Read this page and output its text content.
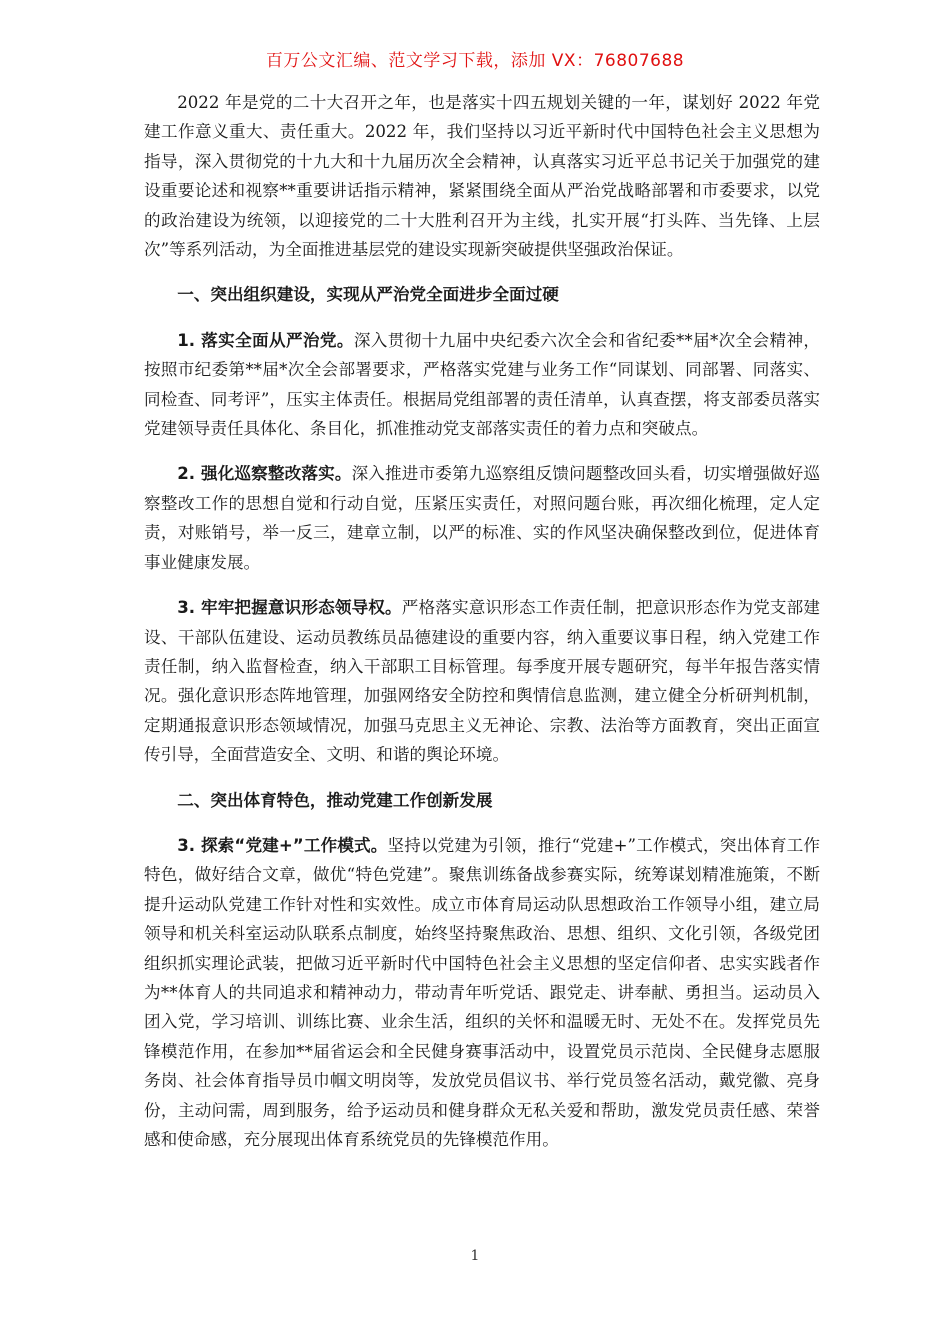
百万公文汇编、范文学习下载，添加 VX：76807688

2022 年是党的二十大召开之年，也是落实十四五规划关键的一年，谋划好 2022 年党建工作意义重大、责任重大。2022 年，我们坚持以习近平新时代中国特色社会主义思想为指导，深入贯彻党的十九大和十九届历次全会精神，认真落实习近平总书记关于加强党的建设重要论述和视察**重要讲话指示精神，紧紧围绕全面从严治党战略部署和市委要求，以党的政治建设为统领，以迎接党的二十大胜利召开为主线，扎实开展“打头阵、当先锋、上层次”等系列活动，为全面推进基层党的建设实现新突破提供坚强政治保证。

一、突出组织建设，实现从严治党全面进步全面过硬

1. 落实全面从严治党。深入贯彻十九届中央纪委六次全会和省纪委**届*次全会精神，按照市纪委第**届*次全会部署要求，严格落实党建与业务工作“同谋划、同部署、同落实、同检查、同考评”，压实主体责任。根据局党组部署的责任清单，认真查摆，将支部委员落实党建领导责任具体化、条目化，抓准推动党支部落实责任的着力点和突破点。

2. 强化巡察整改落实。深入推进市委第九巡察组反馈问题整改回头看，切实增强做好巡察整改工作的思想自觉和行动自觉，压紧压实责任，对照问题台账，再次细化梳理，定人定责，对账销号，举一反三，建章立制，以严的标准、实的作风坚决确保整改到位，促进体育事业健康发展。

3. 牢牢把握意识形态领导权。严格落实意识形态工作责任制，把意识形态作为党支部建设、干部队伍建设、运动员教练员品德建设的重要内容，纳入重要议事日程，纳入党建工作责任制，纳入监督检查，纳入干部职工目标管理。每季度开展专题研究，每半年报告落实情况。强化意识形态阵地管理，加强网络安全防控和舆情信息监测，建立健全分析研判机制，定期通报意识形态领域情况，加强马克思主义无神论、宗教、法治等方面教育，突出正面宣传引导，全面营造安全、文明、和谐的舆论环境。

二、突出体育特色，推动党建工作创新发展

3. 探索“党建+”工作模式。坚持以党建为引领，推行“党建+”工作模式，突出体育工作特色，做好结合文章，做优“特色党建”。聚焦训练备战参赛实际，统筹谋划精准施策，不断提升运动队党建工作针对性和实效性。成立市体育局运动队思想政治工作领导小组，建立局领导和机关科室运动队联系点制度，始终坚持聚焦政治、思想、组织、文化引领，各级党团组织抓实理论武装，把做习近平新时代中国特色社会主义思想的坚定信仰者、忠实实践者作为**体育人的共同追求和精神动力，带动青年听党话、跟党走、讲奉献、勇担当。运动员入团入党，学习培训、训练比赛、业余生活，组织的关怀和温暖无时、无处不在。发挥党员先锋模范作用，在参加**届省运会和全民健身赛事活动中，设置党员示范岗、全民健身志愿服务岗、社会体育指导员巾帼文明岗等，发放党员倡议书、举行党员签名活动，戴党徽、亮身份，主动问需，周到服务，给予运动员和健身群众无私关爱和帮助，激发党员责任感、荣誉感和使命感，充分展现出体育系统党员的先锋模范作用。

1
